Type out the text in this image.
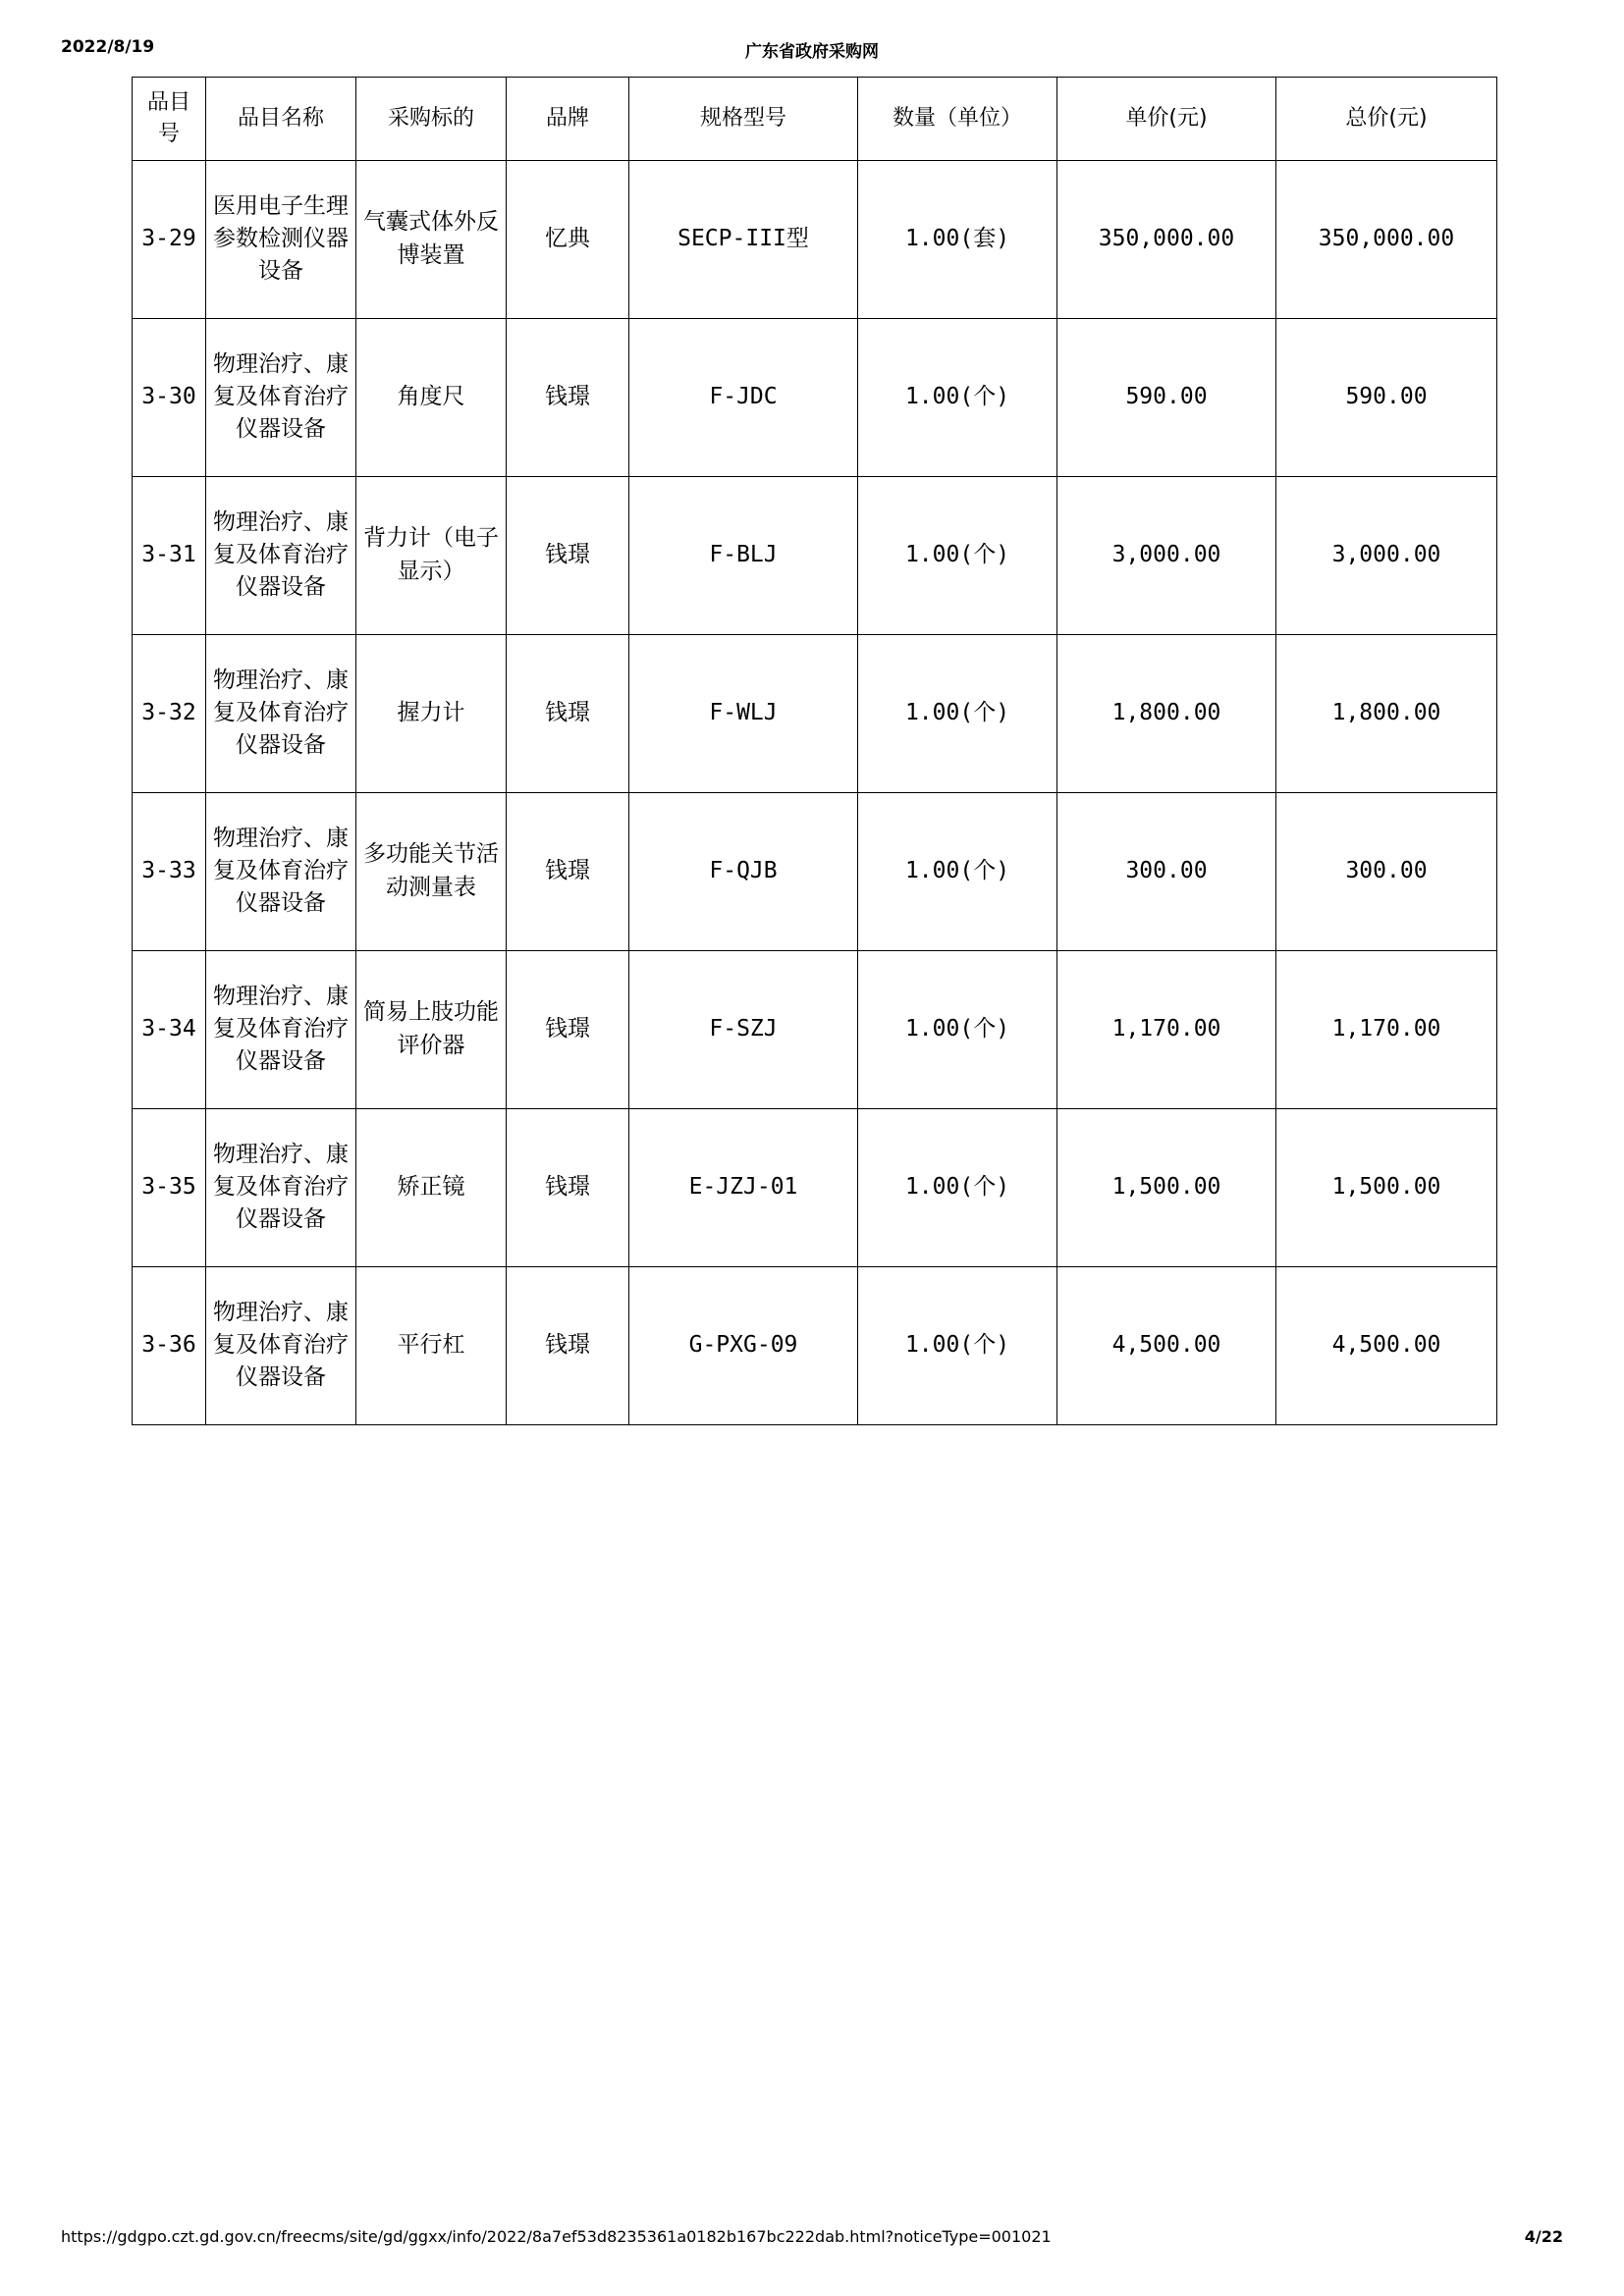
2022/8/19	广东省政府采购网
品目号	品目名称	采购标的	品牌	规格型号	数量（单位）	单价(元)	总价(元)
3-29	医用电子生理参数检测仪器设备	气囊式体外反博装置	忆典	SECP-III型	1.00(套)	350,000.00	350,000.00
3-30	物理治疗、康复及体育治疗仪器设备	角度尺	钱璟	F-JDC	1.00(个)	590.00	590.00
3-31	物理治疗、康复及体育治疗仪器设备	背力计（电子显示）	钱璟	F-BLJ	1.00(个)	3,000.00	3,000.00
3-32	物理治疗、康复及体育治疗仪器设备	握力计	钱璟	F-WLJ	1.00(个)	1,800.00	1,800.00
3-33	物理治疗、康复及体育治疗仪器设备	多功能关节活动测量表	钱璟	F-QJB	1.00(个)	300.00	300.00
3-34	物理治疗、康复及体育治疗仪器设备	简易上肢功能评价器	钱璟	F-SZJ	1.00(个)	1,170.00	1,170.00
3-35	物理治疗、康复及体育治疗仪器设备	矫正镜	钱璟	E-JZJ-01	1.00(个)	1,500.00	1,500.00
3-36	物理治疗、康复及体育治疗仪器设备	平行杠	钱璟	G-PXG-09	1.00(个)	4,500.00	4,500.00
https://gdgpo.czt.gd.gov.cn/freecms/site/gd/ggxx/info/2022/8a7ef53d8235361a0182b167bc222dab.html?noticeType=001021	4/22
